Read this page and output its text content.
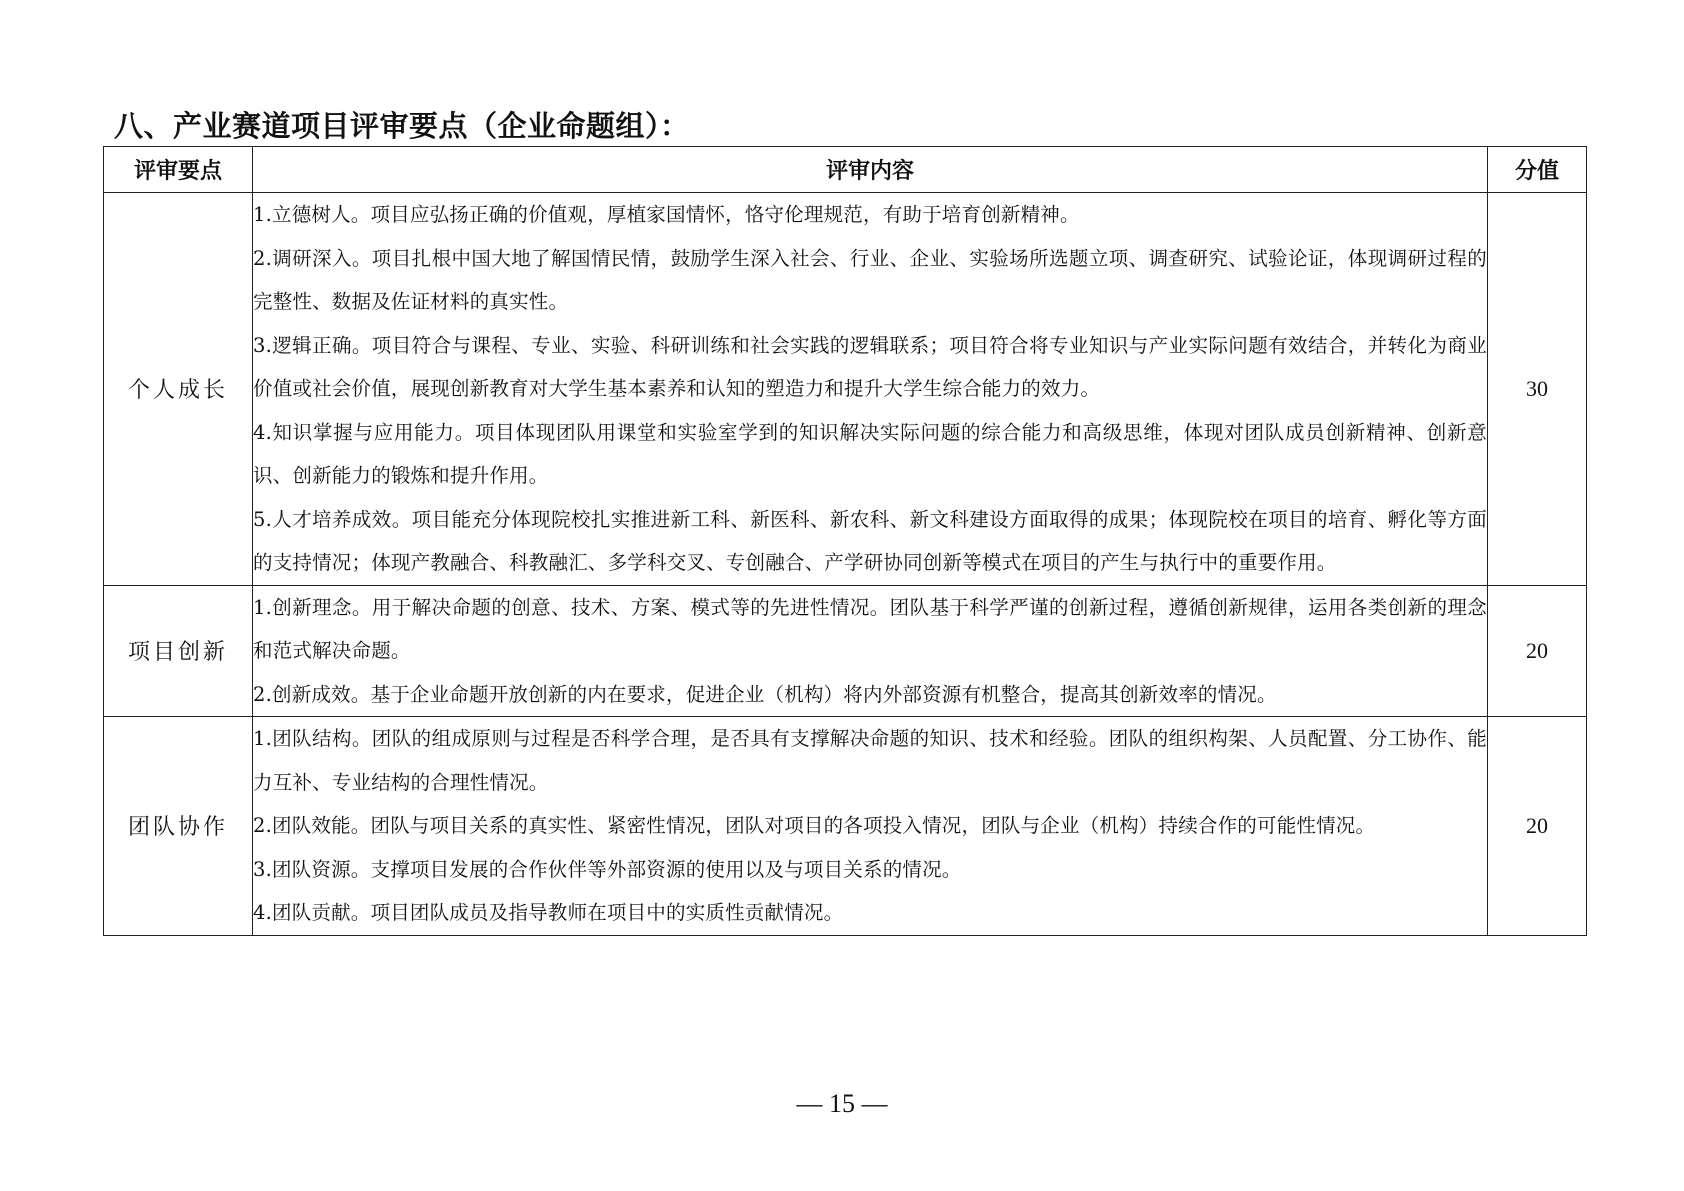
八、产业赛道项目评审要点（企业命题组）：
评审要点	评审内容	分值
个人成长	1.立德树人。项目应弘扬正确的价值观，厚植家国情怀，恪守伦理规范，有助于培育创新精神。
2.调研深入。项目扎根中国大地了解国情民情，鼓励学生深入社会、行业、企业、实验场所选题立项、调查研究、试验论证，体现调研过程的完整性、数据及佐证材料的真实性。
3.逻辑正确。项目符合与课程、专业、实验、科研训练和社会实践的逻辑联系；项目符合将专业知识与产业实际问题有效结合，并转化为商业价值或社会价值，展现创新教育对大学生基本素养和认知的塑造力和提升大学生综合能力的效力。
4.知识掌握与应用能力。项目体现团队用课堂和实验室学到的知识解决实际问题的综合能力和高级思维，体现对团队成员创新精神、创新意识、创新能力的锻炼和提升作用。
5.人才培养成效。项目能充分体现院校扎实推进新工科、新医科、新农科、新文科建设方面取得的成果；体现院校在项目的培育、孵化等方面的支持情况；体现产教融合、科教融汇、多学科交叉、专创融合、产学研协同创新等模式在项目的产生与执行中的重要作用。	30
项目创新	1.创新理念。用于解决命题的创意、技术、方案、模式等的先进性情况。团队基于科学严谨的创新过程，遵循创新规律，运用各类创新的理念和范式解决命题。
2.创新成效。基于企业命题开放创新的内在要求，促进企业（机构）将内外部资源有机整合，提高其创新效率的情况。	20
团队协作	1.团队结构。团队的组成原则与过程是否科学合理，是否具有支撑解决命题的知识、技术和经验。团队的组织构架、人员配置、分工协作、能力互补、专业结构的合理性情况。
2.团队效能。团队与项目关系的真实性、紧密性情况，团队对项目的各项投入情况，团队与企业（机构）持续合作的可能性情况。
3.团队资源。支撑项目发展的合作伙伴等外部资源的使用以及与项目关系的情况。
4.团队贡献。项目团队成员及指导教师在项目中的实质性贡献情况。	20
— 15 —
